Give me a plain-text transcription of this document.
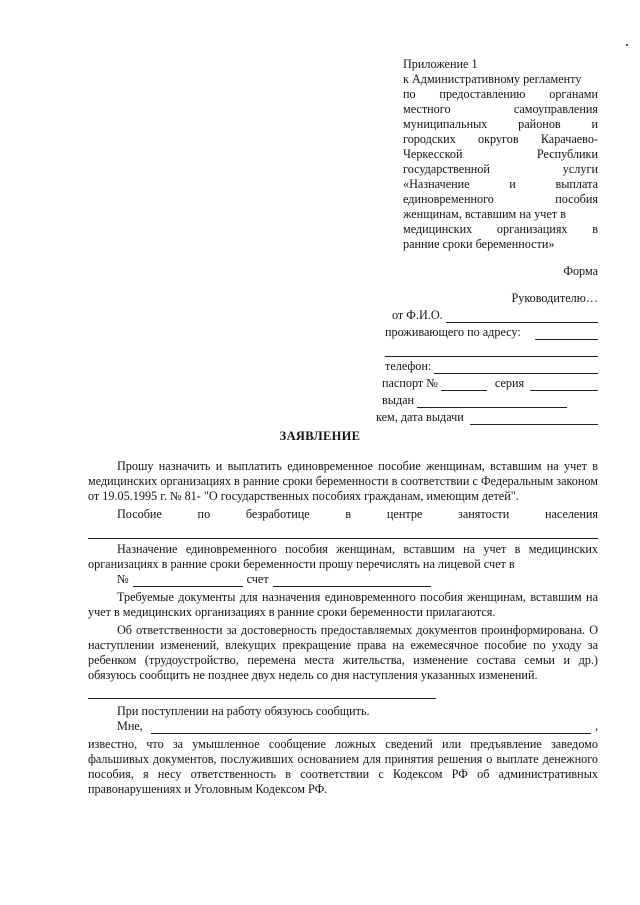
Приложение 1
к Административному регламенту
по предоставлению органами
местного	самоуправления
муниципальных	районов	и
городских округов Карачаево-
Черкесской	Республики
государственной	услуги
«Назначение	и	выплата
единовременного	пособия
женщинам, вставшим на учет в
медицинских организациях в
ранние сроки беременности»
Форма
Руководителю…
от Ф.И.О.
проживающего по адресу:
телефон:
паспорт №	серия
выдан
кем, дата выдачи
ЗАЯВЛЕНИЕ
Прошу назначить и выплатить единовременное пособие женщинам, вставшим на учет в медицинских организациях в ранние сроки беременности в соответствии с Федеральным законом от 19.05.1995 г. № 81- "О государственных пособиях гражданам, имеющим детей".
Пособие по безработице в центре занятости населения
Назначение единовременного пособия женщинам, вставшим на учет в медицинских организациях в ранние сроки беременности прошу перечислять на лицевой счет в
№	счет
Требуемые документы для назначения единовременного пособия женщинам, вставшим на учет в медицинских организациях в ранние сроки беременности прилагаются.
Об ответственности за достоверность предоставляемых документов проинформирована. О наступлении изменений, влекущих прекращение права на ежемесячное пособие по уходу за ребенком (трудоустройство, перемена места жительства, изменение состава семьи и др.) обязуюсь сообщить не позднее двух недель со дня наступления указанных изменений.
При поступлении на работу обязуюсь сообщить.
Мне,	,
известно, что за умышленное сообщение ложных сведений или предъявление заведомо фальшивых документов, послуживших основанием для принятия решения о выплате денежного пособия, я несу ответственность в соответствии с Кодексом РФ об административных правонарушениях и Уголовным Кодексом РФ.
